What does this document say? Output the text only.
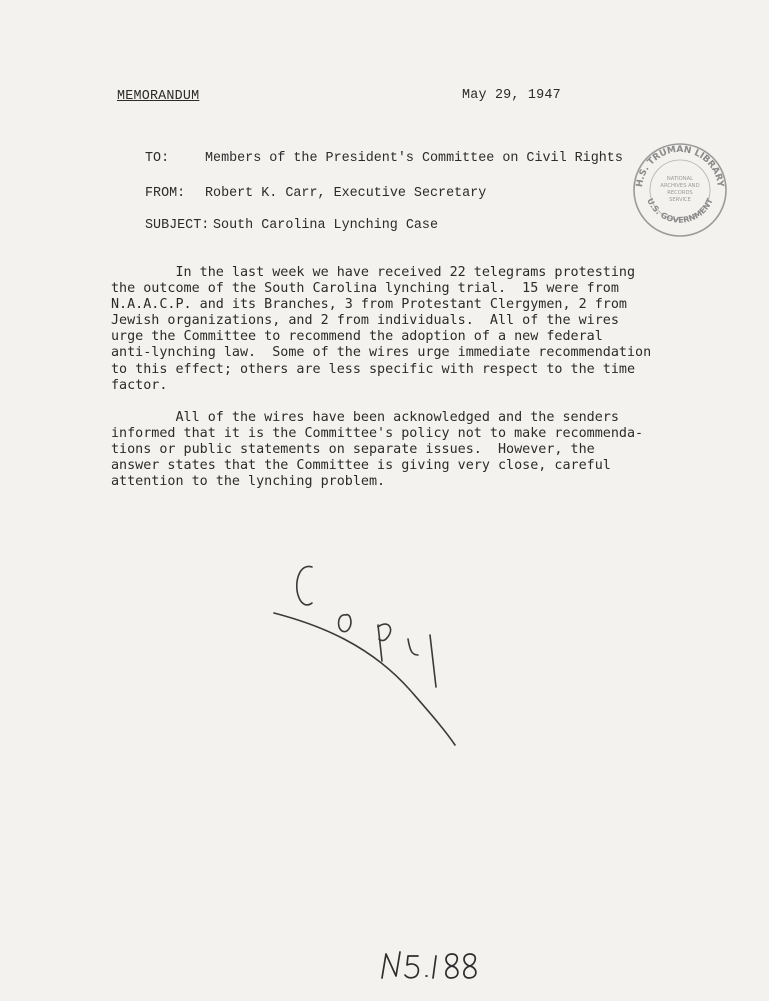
MEMORANDUM	May 29, 1947
TO:	Members of the President's Committee on Civil Rights
FROM: Robert K. Carr, Executive Secretary
SUBJECT: South Carolina Lynching Case
H.S. TRUMAN LIBRARY
U.S. GOVERNMENT
NATIONAL
ARCHIVES AND
RECORDS
SERVICE
In the last week we have received 22 telegrams protesting
the outcome of the South Carolina lynching trial.  15 were from
N.A.A.C.P. and its Branches, 3 from Protestant Clergymen, 2 from
Jewish organizations, and 2 from individuals.  All of the wires
urge the Committee to recommend the adoption of a new federal
anti-lynching law.  Some of the wires urge immediate recommendation
to this effect; others are less specific with respect to the time
factor.
All of the wires have been acknowledged and the senders
informed that it is the Committee's policy not to make recommenda-
tions or public statements on separate issues.  However, the
answer states that the Committee is giving very close, careful
attention to the lynching problem.
